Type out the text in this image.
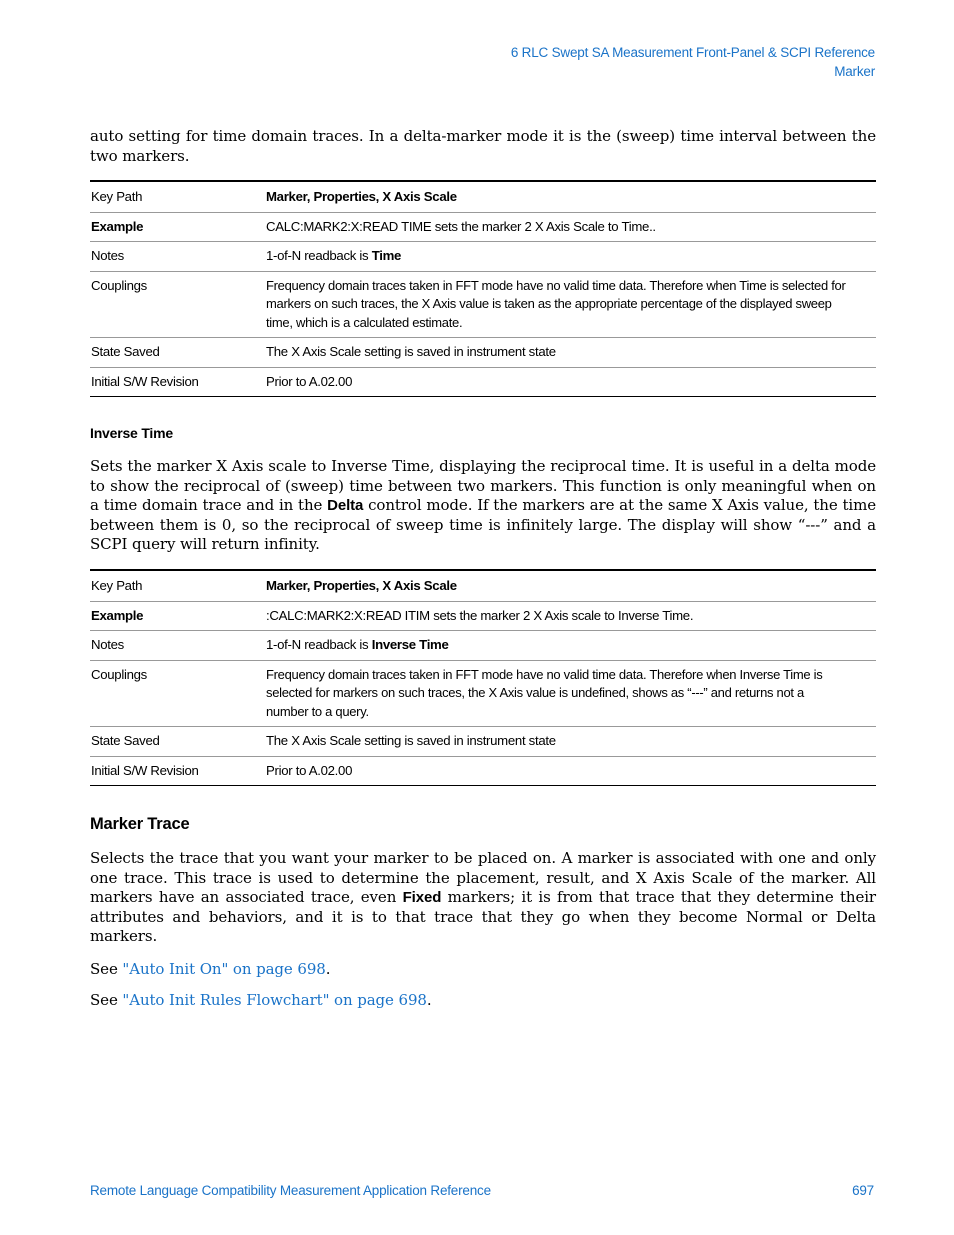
6 RLC Swept SA Measurement Front-Panel & SCPI Reference
Marker
auto setting for time domain traces. In a delta-marker mode it is the (sweep) time interval between the two markers.
Key Path	Marker, Properties, X Axis Scale
Example	CALC:MARK2:X:READ TIME sets the marker 2 X Axis Scale to Time..
Notes	1-of-N readback is Time
Couplings	Frequency domain traces taken in FFT mode have no valid time data. Therefore when Time is selected for markers on such traces, the X Axis value is taken as the appropriate percentage of the displayed sweep time, which is a calculated estimate.
State Saved	The X Axis Scale setting is saved in instrument state
Initial S/W Revision	Prior to A.02.00
Inverse Time
Sets the marker X Axis scale to Inverse Time, displaying the reciprocal time. It is useful in a delta mode to show the reciprocal of (sweep) time between two markers. This function is only meaningful when on a time domain trace and in the Delta control mode. If the markers are at the same X Axis value, the time between them is 0, so the reciprocal of sweep time is infinitely large. The display will show “---” and a SCPI query will return infinity.
Key Path	Marker, Properties, X Axis Scale
Example	:CALC:MARK2:X:READ ITIM sets the marker 2 X Axis scale to Inverse Time.
Notes	1-of-N readback is Inverse Time
Couplings	Frequency domain traces taken in FFT mode have no valid time data. Therefore when Inverse Time is selected for markers on such traces, the X Axis value is undefined, shows as “---” and returns not a number to a query.
State Saved	The X Axis Scale setting is saved in instrument state
Initial S/W Revision	Prior to A.02.00
Marker Trace
Selects the trace that you want your marker to be placed on. A marker is associated with one and only one trace. This trace is used to determine the placement, result, and X Axis Scale of the marker. All markers have an associated trace, even Fixed markers; it is from that trace that they determine their attributes and behaviors, and it is to that trace that they go when they become Normal or Delta markers.
See "Auto Init On" on page 698.
See "Auto Init Rules Flowchart" on page 698.
Remote Language Compatibility Measurement Application Reference	697
